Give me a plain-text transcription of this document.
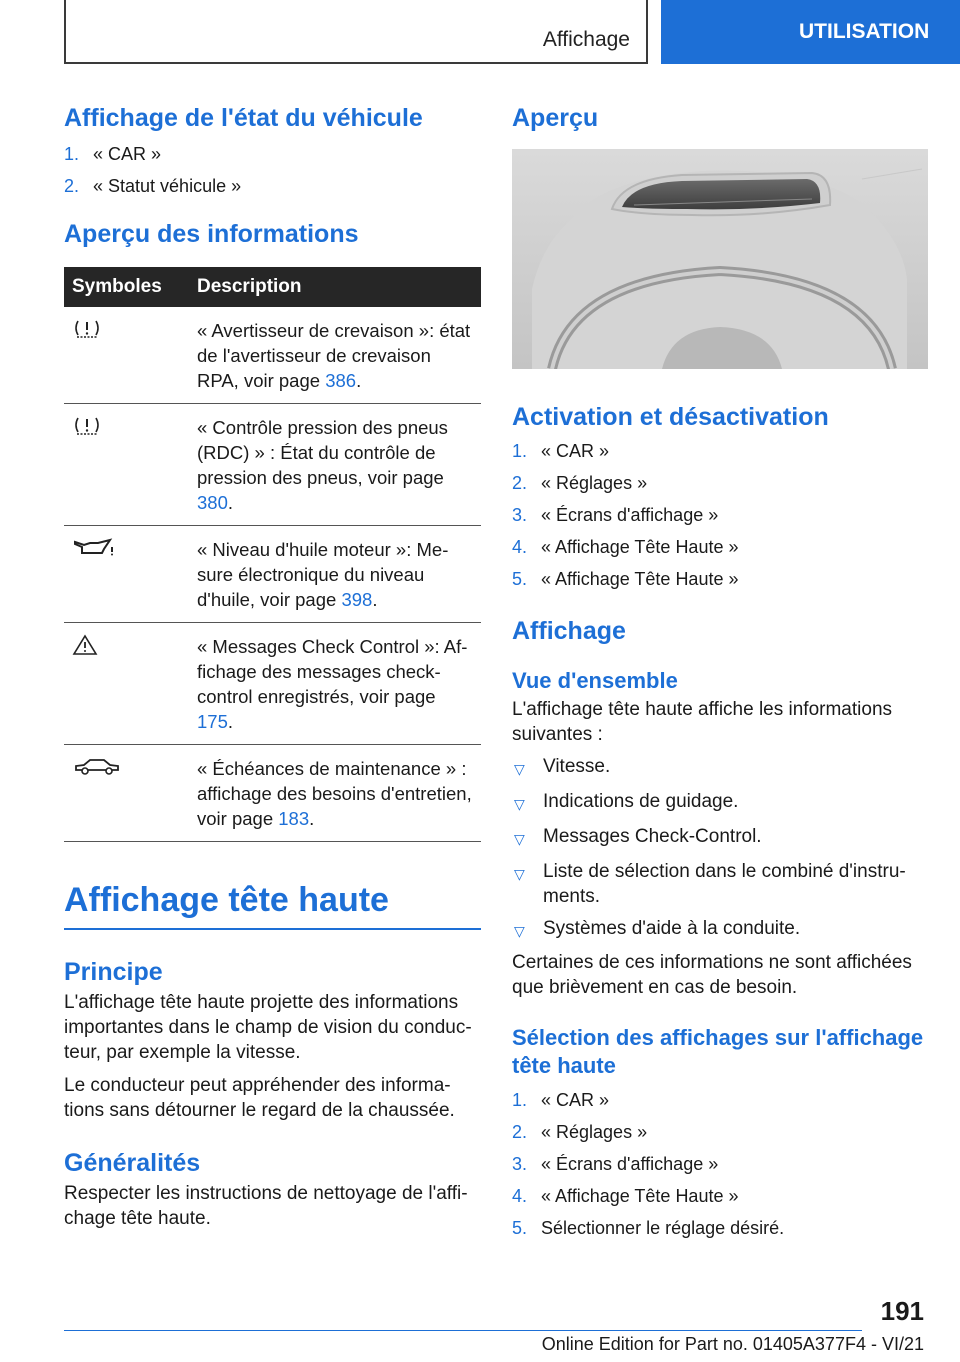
Affichage	UTILISATION
Affichage de l'état du véhicule
1. « CAR »
2. « Statut véhicule »
Aperçu des informations
Symboles	Description
	« Avertisseur de crevaison »: état de l'avertisseur de crevaison RPA, voir page 386.
	« Contrôle pression des pneus (RDC) » : État du contrôle de pression des pneus, voir page 380.
	« Niveau d'huile moteur »: Mesure électronique du niveau d'huile, voir page 398.
	« Messages Check Control »: Affichage des messages check-control enregistrés, voir page 175.
	« Échéances de maintenance » : affichage des besoins d'entretien, voir page 183.
Affichage tête haute
Principe

L'affichage tête haute projette des informations importantes dans le champ de vision du conducteur, par exemple la vitesse.

Le conducteur peut appréhender des informations sans détourner le regard de la chaussée.

Généralités

Respecter les instructions de nettoyage de l'affichage tête haute.

Aperçu
Activation et désactivation
1. « CAR »
2. « Réglages »
3. « Écrans d'affichage »
4. « Affichage Tête Haute »
5. « Affichage Tête Haute »
Affichage
Vue d'ensemble

L'affichage tête haute affiche les informations suivantes :

▽ Vitesse.
▽ Indications de guidage.
▽ Messages Check-Control.
▽ Liste de sélection dans le combiné d'instruments.
▽ Systèmes d'aide à la conduite.

Certaines de ces informations ne sont affichées que brièvement en cas de besoin.

Sélection des affichages sur l'affichage tête haute
1. « CAR »
2. « Réglages »
3. « Écrans d'affichage »
4. « Affichage Tête Haute »
5. Sélectionner le réglage désiré.
191
Online Edition for Part no. 01405A377F4 - VI/21
